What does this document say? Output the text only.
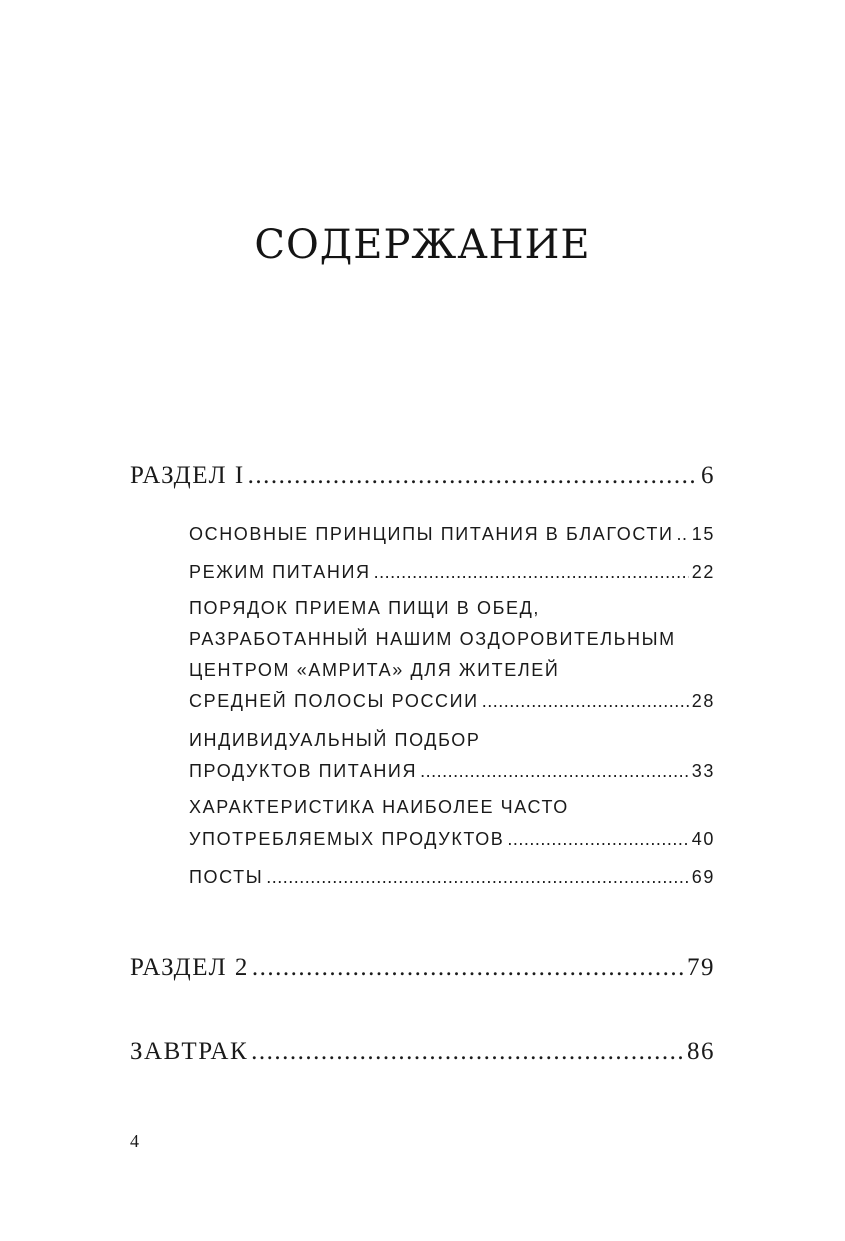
СОДЕРЖАНИЕ
РАЗДЕЛ I .....	6
ОСНОВНЫЕ ПРИНЦИПЫ ПИТАНИЯ В БЛАГОСТИ ..... 15
РЕЖИМ ПИТАНИЯ .....	22
ПОРЯДОК ПРИЕМА ПИЩИ В ОБЕД,
РАЗРАБОТАННЫЙ НАШИМ ОЗДОРОВИТЕЛЬНЫМ
ЦЕНТРОМ «АМРИТА» ДЛЯ ЖИТЕЛЕЙ
СРЕДНЕЙ ПОЛОСЫ РОССИИ .....	28
ИНДИВИДУАЛЬНЫЙ ПОДБОР
ПРОДУКТОВ ПИТАНИЯ .....	33
ХАРАКТЕРИСТИКА НАИБОЛЕЕ ЧАСТО
УПОТРЕБЛЯЕМЫХ ПРОДУКТОВ .....	40
ПОСТЫ .....	69
РАЗДЕЛ 2 .....	79
ЗАВТРАК .....	86
4
